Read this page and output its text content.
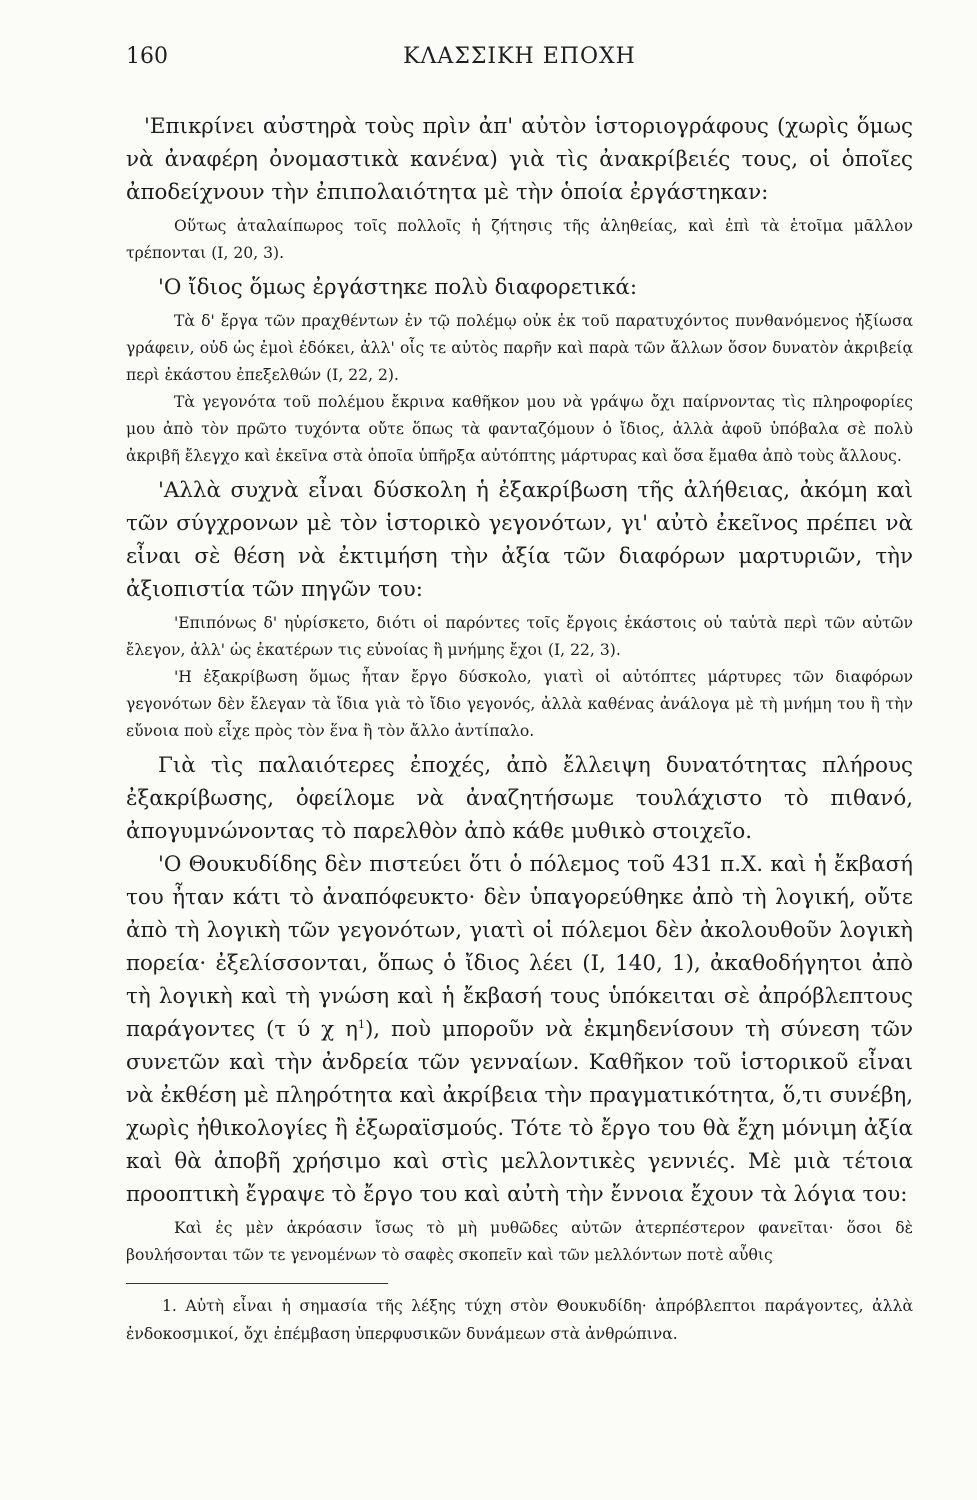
160	ΚΛΑΣΣΙΚΗ ΕΠΟΧΗ

'Επικρίνει αὐστηρὰ τοὺς πρὶν ἀπ' αὐτὸν ἱστοριογράφους (χωρὶς ὅμως νὰ ἀναφέρη ὀνομαστικὰ κανένα) γιὰ τὶς ἀνακρίβειές τους, οἱ ὁποῖες ἀποδείχνουν τὴν ἐπιπολαιότητα μὲ τὴν ὁποία ἐργάστηκαν:

Οὕτως ἀταλαίπωρος τοῖς πολλοῖς ἡ ζήτησις τῆς ἀληθείας, καὶ ἐπὶ τὰ ἑτοῖμα μᾶλλον τρέπονται (Ι, 20, 3).

'Ο ἴδιος ὅμως ἐργάστηκε πολὺ διαφορετικά:

Τὰ δ' ἔργα τῶν πραχθέντων ἐν τῷ πολέμῳ οὐκ ἐκ τοῦ παρατυχόντος πυνθανόμενος ἠξίωσα γράφειν, οὐδ ὡς ἐμοὶ ἐδόκει, ἀλλ' οἷς τε αὐτὸς παρῆν καὶ παρὰ τῶν ἄλλων ὅσον δυνατὸν ἀκριβείᾳ περὶ ἑκάστου ἐπεξελθών (Ι, 22, 2).

Τὰ γεγονότα τοῦ πολέμου ἔκρινα καθῆκον μου νὰ γράψω ὄχι παίρνοντας τὶς πληροφορίες μου ἀπὸ τὸν πρῶτο τυχόντα οὔτε ὅπως τὰ φανταζόμουν ὁ ἴδιος, ἀλλὰ ἀφοῦ ὑπόβαλα σὲ πολὺ ἀκριβῆ ἔλεγχο καὶ ἐκεῖνα στὰ ὁποῖα ὑπῆρξα αὐτόπτης μάρτυρας καὶ ὅσα ἔμαθα ἀπὸ τοὺς ἄλλους.

'Αλλὰ συχνὰ εἶναι δύσκολη ἡ ἐξακρίβωση τῆς ἀλήθειας, ἀκόμη καὶ τῶν σύγχρονων μὲ τὸν ἱστορικὸ γεγονότων, γι' αὐτὸ ἐκεῖνος πρέπει νὰ εἶναι σὲ θέση νὰ ἐκτιμήση τὴν ἀξία τῶν διαφόρων μαρτυριῶν, τὴν ἀξιοπιστία τῶν πηγῶν του:

'Επιπόνως δ' ηὑρίσκετο, διότι οἱ παρόντες τοῖς ἔργοις ἑκάστοις οὐ ταὐτὰ περὶ τῶν αὐτῶν ἔλεγον, ἀλλ' ὡς ἑκατέρων τις εὐνοίας ἢ μνήμης ἔχοι (Ι, 22, 3).

'Η ἐξακρίβωση ὅμως ἦταν ἔργο δύσκολο, γιατὶ οἱ αὐτόπτες μάρτυρες τῶν διαφόρων γεγονότων δὲν ἔλεγαν τὰ ἴδια γιὰ τὸ ἴδιο γεγονός, ἀλλὰ καθένας ἀνάλογα μὲ τὴ μνήμη του ἢ τὴν εὔνοια ποὺ εἶχε πρὸς τὸν ἕνα ἢ τὸν ἄλλο ἀντίπαλο.

Γιὰ τὶς παλαιότερες ἐποχές, ἀπὸ ἔλλειψη δυνατότητας πλήρους ἐξακρίβωσης, ὀφείλομε νὰ ἀναζητήσωμε τουλάχιστο τὸ πιθανό, ἀπογυμνώνοντας τὸ παρελθὸν ἀπὸ κάθε μυθικὸ στοιχεῖο.

'Ο Θουκυδίδης δὲν πιστεύει ὅτι ὁ πόλεμος τοῦ 431 π.Χ. καὶ ἡ ἔκβασή του ἦταν κάτι τὸ ἀναπόφευκτο· δὲν ὑπαγορεύθηκε ἀπὸ τὴ λογική, οὔτε ἀπὸ τὴ λογικὴ τῶν γεγονότων, γιατὶ οἱ πόλεμοι δὲν ἀκολουθοῦν λογικὴ πορεία· ἐξελίσσονται, ὅπως ὁ ἴδιος λέει (Ι, 140, 1), ἀκαθοδήγητοι ἀπὸ τὴ λογικὴ καὶ τὴ γνώση καὶ ἡ ἔκβασή τους ὑπόκειται σὲ ἀπρόβλεπτους παράγοντες (τ ύ χ $\eta^1$), ποὺ μποροῦν νὰ ἐκμηδενίσουν τὴ σύνεση τῶν συνετῶν καὶ τὴν ἀνδρεία τῶν γενναίων. Καθῆκον τοῦ ἱστορικοῦ εἶναι νὰ ἐκθέση μὲ πληρότητα καὶ ἀκρίβεια τὴν πραγματικότητα, ὅ,τι συνέβη, χωρὶς ἠθικολογίες ἢ ἐξωραϊσμούς. Τότε τὸ ἔργο του θὰ ἔχη μόνιμη ἀξία καὶ θὰ ἀποβῆ χρήσιμο καὶ στὶς μελλοντικὲς γεννιές. Μὲ μιὰ τέτοια προοπτικὴ ἔγραψε τὸ ἔργο του καὶ αὐτὴ τὴν ἔννοια ἔχουν τὰ λόγια του:

Καὶ ἐς μὲν ἀκρόασιν ἴσως τὸ μὴ μυθῶδες αὐτῶν ἀτερπέστερον φανεῖται· ὅσοι δὲ βουλήσονται τῶν τε γενομένων τὸ σαφὲς σκοπεῖν καὶ τῶν μελλόντων ποτὲ αὖθις

1. Αὐτὴ εἶναι ἡ σημασία τῆς λέξης τύχη στὸν Θουκυδίδη· ἀπρόβλεπτοι παράγοντες, ἀλλὰ ἐνδοκοσμικοί, ὄχι ἐπέμβαση ὑπερφυσικῶν δυνάμεων στὰ ἀνθρώπινα.
